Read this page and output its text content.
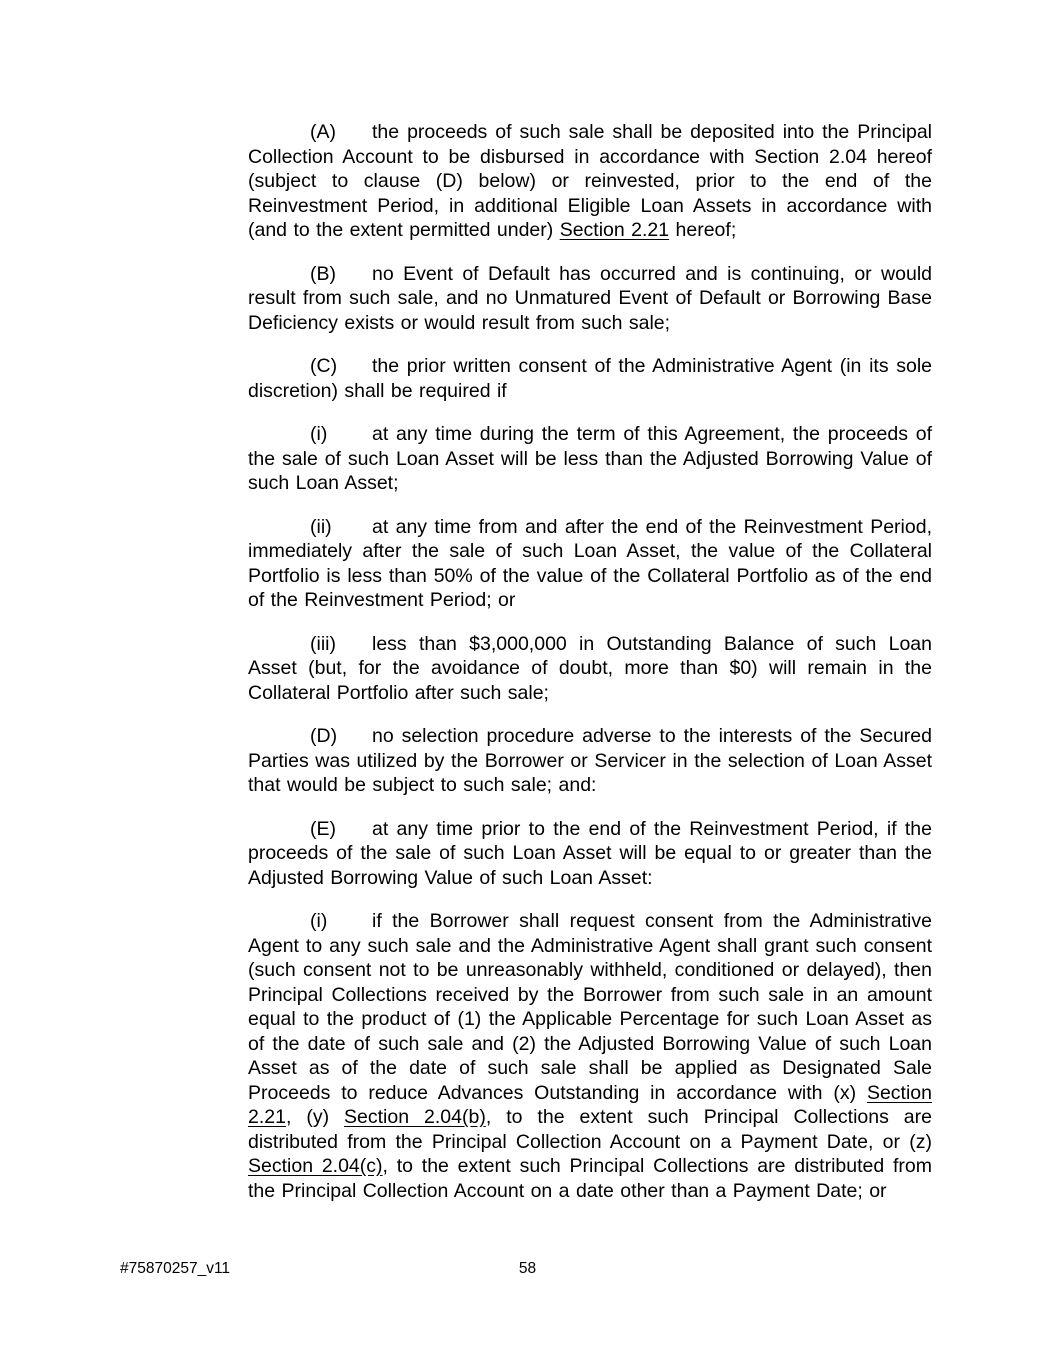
(A) the proceeds of such sale shall be deposited into the Principal Collection Account to be disbursed in accordance with Section 2.04 hereof (subject to clause (D) below) or reinvested, prior to the end of the Reinvestment Period, in additional Eligible Loan Assets in accordance with (and to the extent permitted under) Section 2.21 hereof;

(B) no Event of Default has occurred and is continuing, or would result from such sale, and no Unmatured Event of Default or Borrowing Base Deficiency exists or would result from such sale;

(C) the prior written consent of the Administrative Agent (in its sole discretion) shall be required if

(i) at any time during the term of this Agreement, the proceeds of the sale of such Loan Asset will be less than the Adjusted Borrowing Value of such Loan Asset;

(ii) at any time from and after the end of the Reinvestment Period, immediately after the sale of such Loan Asset, the value of the Collateral Portfolio is less than 50% of the value of the Collateral Portfolio as of the end of the Reinvestment Period; or

(iii) less than $3,000,000 in Outstanding Balance of such Loan Asset (but, for the avoidance of doubt, more than $0) will remain in the Collateral Portfolio after such sale;

(D) no selection procedure adverse to the interests of the Secured Parties was utilized by the Borrower or Servicer in the selection of Loan Asset that would be subject to such sale; and:

(E) at any time prior to the end of the Reinvestment Period, if the proceeds of the sale of such Loan Asset will be equal to or greater than the Adjusted Borrowing Value of such Loan Asset:

(i) if the Borrower shall request consent from the Administrative Agent to any such sale and the Administrative Agent shall grant such consent (such consent not to be unreasonably withheld, conditioned or delayed), then Principal Collections received by the Borrower from such sale in an amount equal to the product of (1) the Applicable Percentage for such Loan Asset as of the date of such sale and (2) the Adjusted Borrowing Value of such Loan Asset as of the date of such sale shall be applied as Designated Sale Proceeds to reduce Advances Outstanding in accordance with (x) Section 2.21, (y) Section 2.04(b), to the extent such Principal Collections are distributed from the Principal Collection Account on a Payment Date, or (z) Section 2.04(c), to the extent such Principal Collections are distributed from the Principal Collection Account on a date other than a Payment Date; or

#75870257_v11	58
